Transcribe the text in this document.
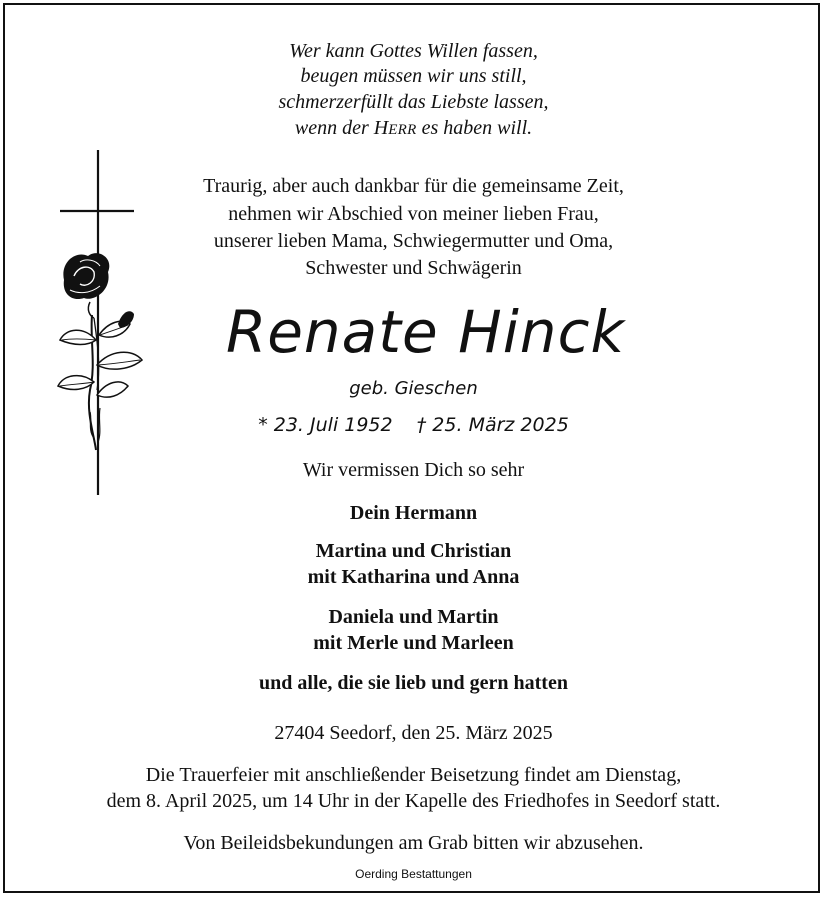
Wer kann Gottes Willen fassen,
beugen müssen wir uns still,
schmerzerfüllt das Liebste lassen,
wenn der HERR es haben will.
Traurig, aber auch dankbar für die gemeinsame Zeit,
nehmen wir Abschied von meiner lieben Frau,
unserer lieben Mama, Schwiegermutter und Oma,
Schwester und Schwägerin
Renate Hinck
geb. Gieschen
* 23. Juli 1952    † 25. März 2025
Wir vermissen Dich so sehr
Dein Hermann
Martina und Christian
mit Katharina und Anna
Daniela und Martin
mit Merle und Marleen
und alle, die sie lieb und gern hatten
27404 Seedorf, den 25. März 2025
Die Trauerfeier mit anschließender Beisetzung findet am Dienstag,
dem 8. April 2025, um 14 Uhr in der Kapelle des Friedhofes in Seedorf statt.
Von Beileidsbekundungen am Grab bitten wir abzusehen.
Oerding Bestattungen
